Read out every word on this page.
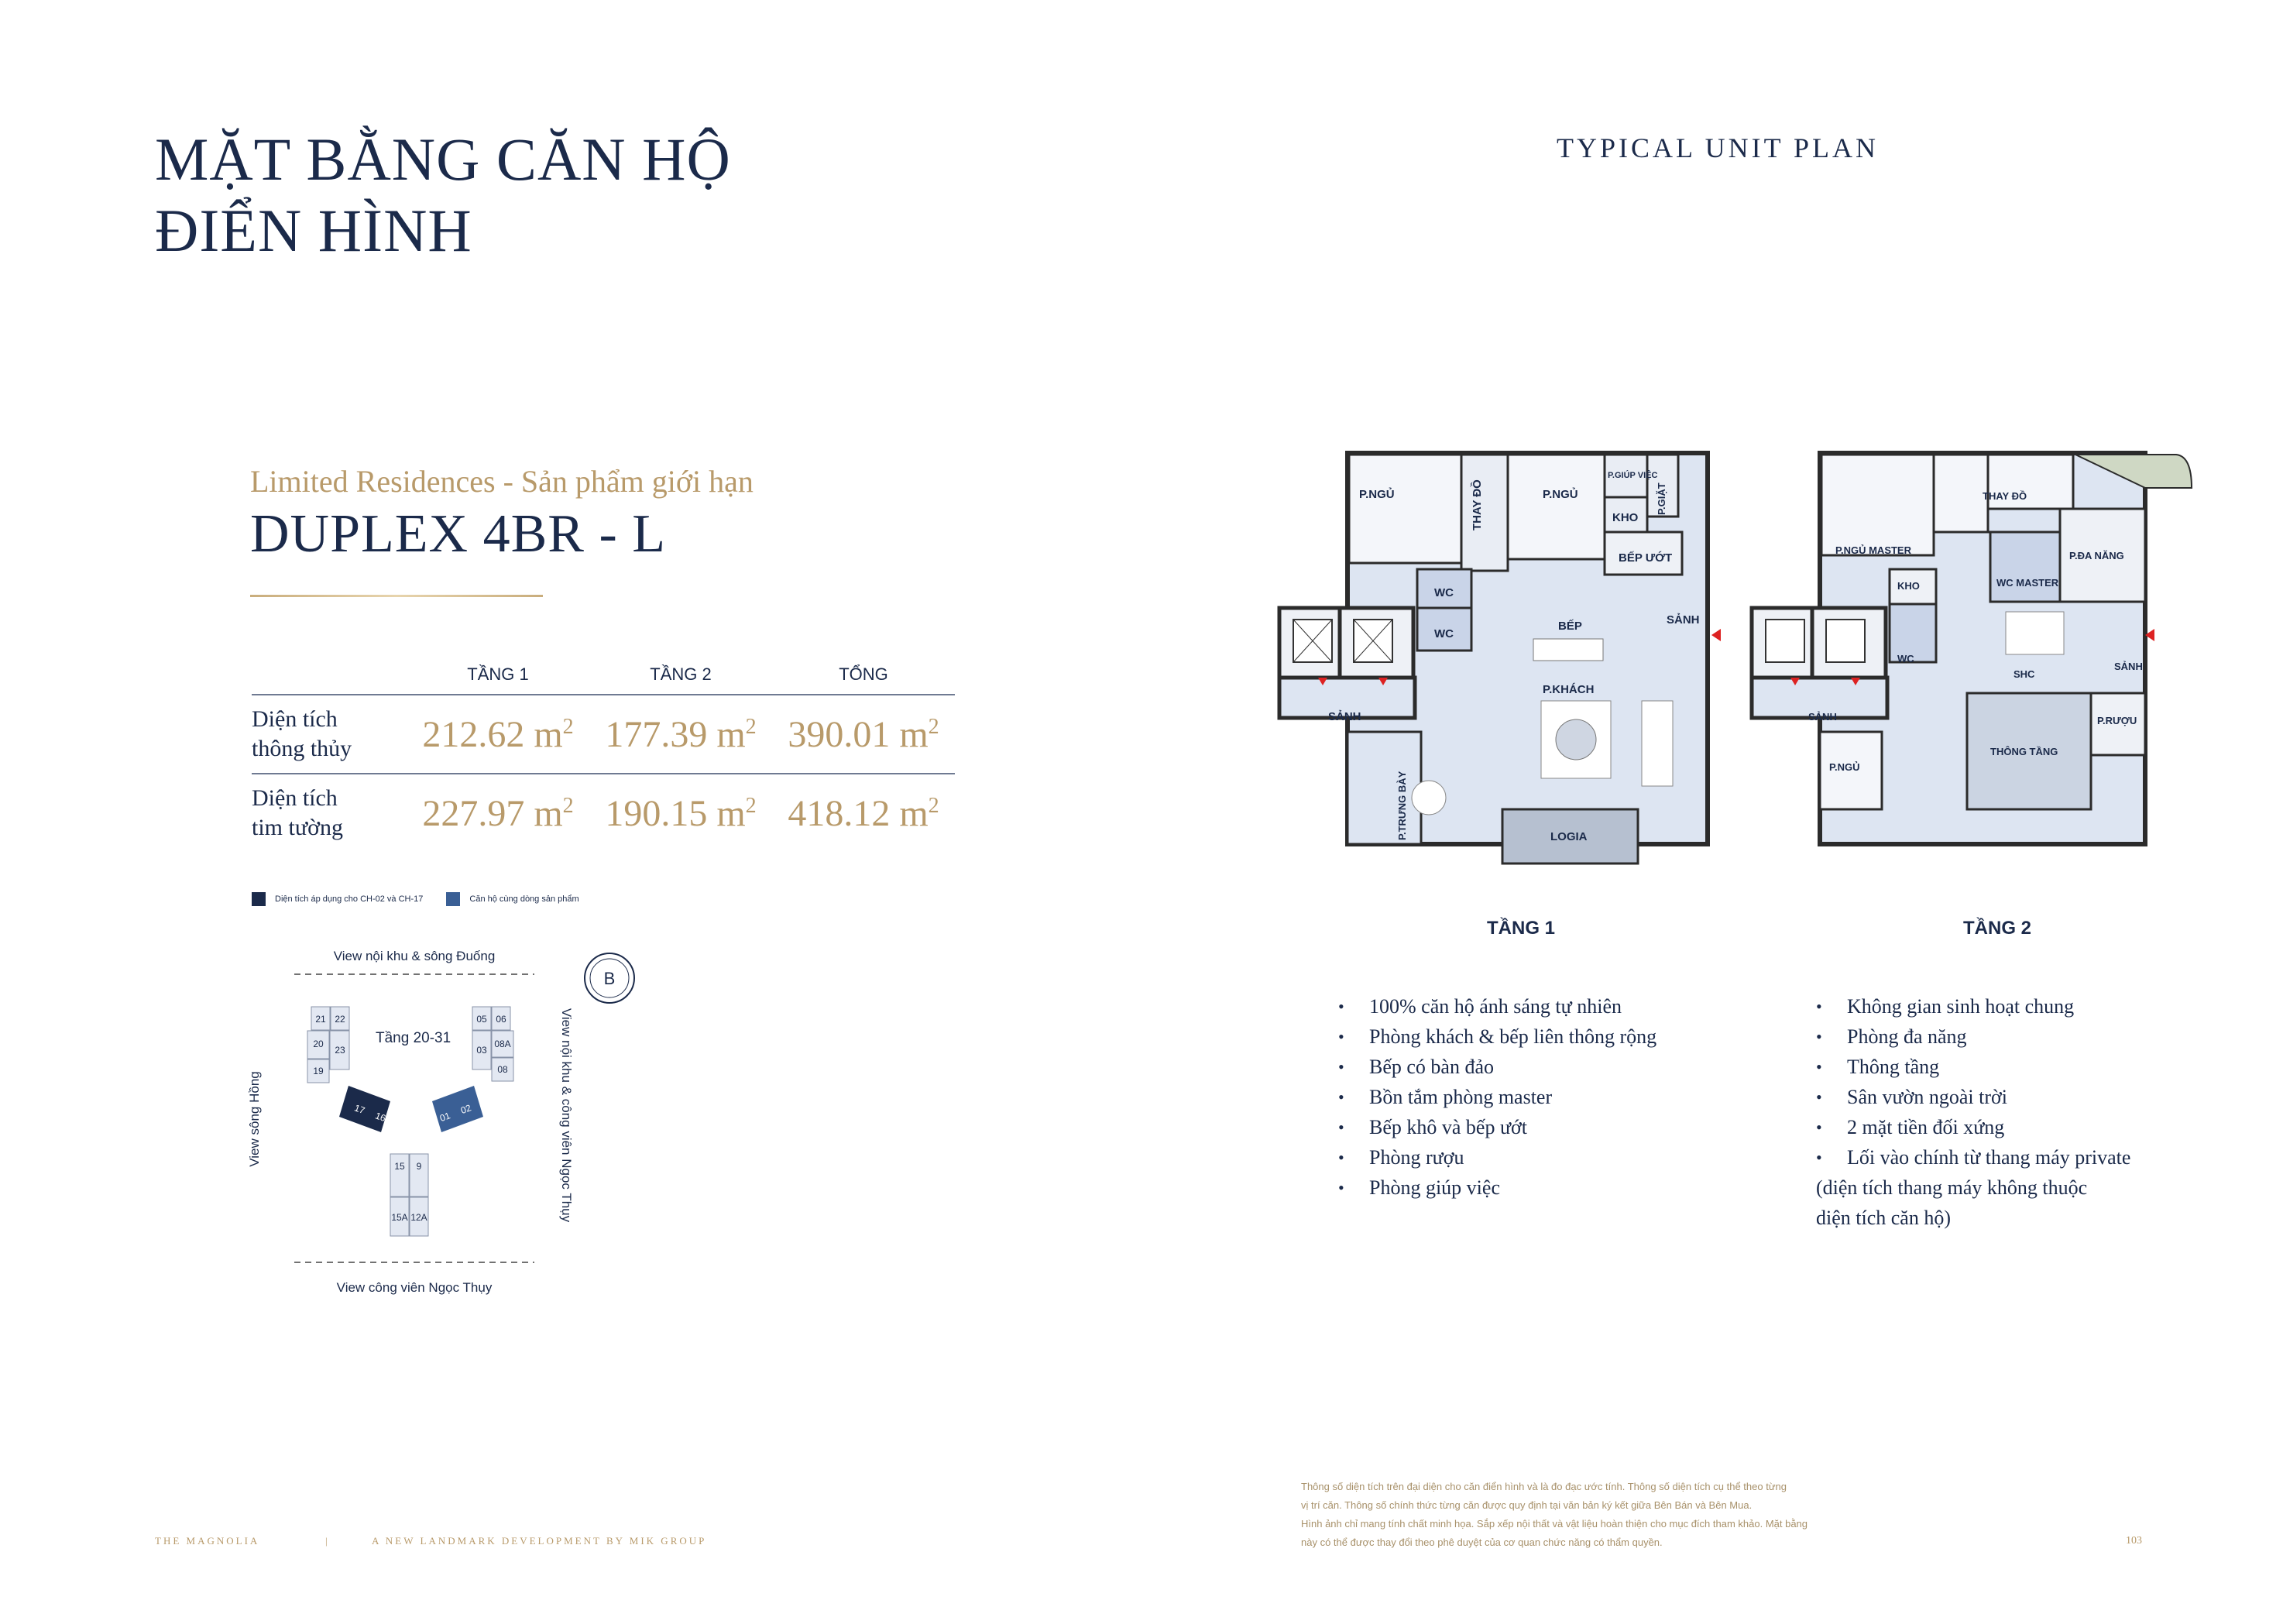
MẶT BẰNG CĂN HỘ
ĐIỂN HÌNH
TYPICAL UNIT PLAN
Limited Residences - Sản phẩm giới hạn
DUPLEX 4BR - L
	TẦNG 1	TẦNG 2	TỔNG

Diện tích
thông thủy	212.62 $m^2$	177.39 $m^2$	390.01 $m^2$

Diện tích
tim tường	227.97 $m^2$	190.15 $m^2$	418.12 $m^2$
Diện tích áp dụng cho CH-02 và CH-17	Căn hộ cùng dòng sản phẩm
View nội khu & sông Đuống
View công viên Ngọc Thụy
View sông Hồng	View nội khu & công viên Ngọc Thụy
Tầng 20-31
B
21 22
20
23
19
05 06
03
08A
08
17
16	01
02
15 9
15A 12A
P.NGỦ	THAY ĐỒ	P.NGỦ
P.GIÚP VIỆC
P.GIẶT
KHO
BẾP ƯỚT
WC
WC
BẾP	SẢNH
P.KHÁCH
SẢNH
P.TRƯNG BÀY	LOGIA
TẦNG 1
THAY ĐỒ
P.NGỦ MASTER	P.ĐA NĂNG
KHO	WC MASTER
WC
SHC
SẢNH
SẢNH
P.RƯỢU
THÔNG TẦNG
P.NGỦ
TẦNG 2
• 100% căn hộ ánh sáng tự nhiên
• Phòng khách & bếp liên thông rộng
• Bếp có bàn đảo
• Bồn tắm phòng master
• Bếp khô và bếp ướt
• Phòng rượu
• Phòng giúp việc
• Không gian sinh hoạt chung
• Phòng đa năng
• Thông tầng
• Sân vườn ngoài trời
• 2 mặt tiền đối xứng
• Lối vào chính từ thang máy private
(diện tích thang máy không thuộc
diện tích căn hộ)
Thông số diện tích trên đại diện cho căn điển hình và là đo đạc ước tính. Thông số diện tích cụ thể theo từng
vị trí căn. Thông số chính thức từng căn được quy định tại văn bản ký kết giữa Bên Bán và Bên Mua.
Hình ảnh chỉ mang tính chất minh họa. Sắp xếp nội thất và vật liệu hoàn thiện cho mục đích tham khảo. Mặt bằng
này có thể được thay đổi theo phê duyệt của cơ quan chức năng có thẩm quyền.
THE MAGNOLIA	|	A NEW LANDMARK DEVELOPMENT BY MIK GROUP	103
